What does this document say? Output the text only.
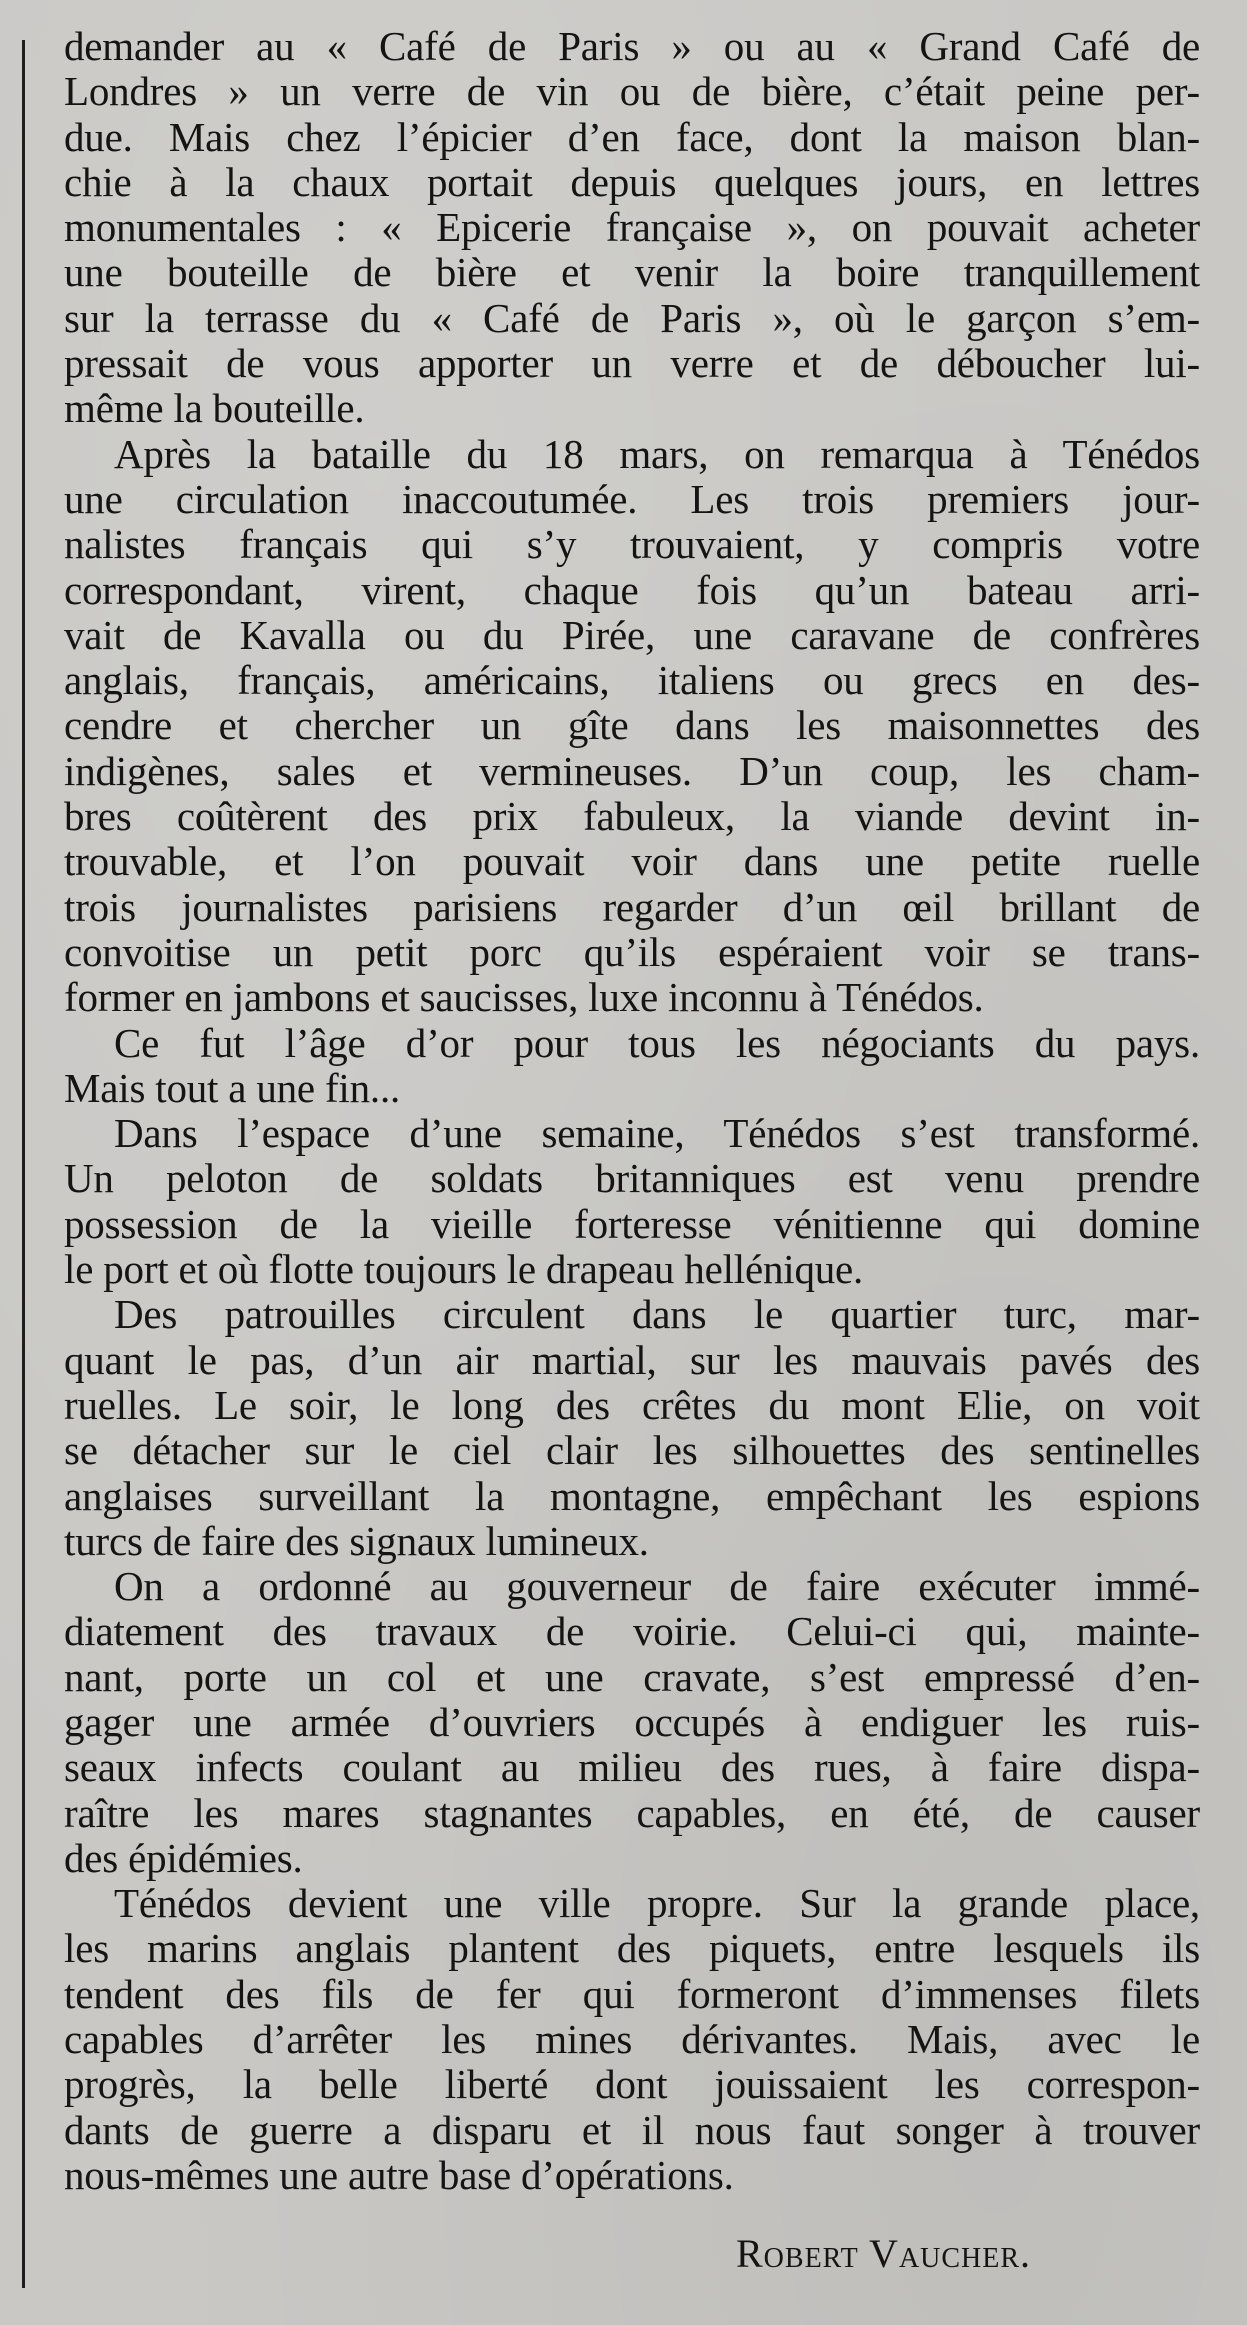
demander au « Café de Paris » ou au « Grand Café de
Londres » un verre de vin ou de bière, c’était peine per-
due. Mais chez l’épicier d’en face, dont la maison blan-
chie à la chaux portait depuis quelques jours, en lettres
monumentales : « Epicerie française », on pouvait acheter
une bouteille de bière et venir la boire tranquillement
sur la terrasse du « Café de Paris », où le garçon s’em-
pressait de vous apporter un verre et de déboucher lui-
même la bouteille.

Après la bataille du 18 mars, on remarqua à Ténédos
une circulation inaccoutumée. Les trois premiers jour-
nalistes français qui s’y trouvaient, y compris votre
correspondant, virent, chaque fois qu’un bateau arri-
vait de Kavalla ou du Pirée, une caravane de confrères
anglais, français, américains, italiens ou grecs en des-
cendre et chercher un gîte dans les maisonnettes des
indigènes, sales et vermineuses. D’un coup, les cham-
bres coûtèrent des prix fabuleux, la viande devint in-
trouvable, et l’on pouvait voir dans une petite ruelle
trois journalistes parisiens regarder d’un œil brillant de
convoitise un petit porc qu’ils espéraient voir se trans-
former en jambons et saucisses, luxe inconnu à Ténédos.

Ce fut l’âge d’or pour tous les négociants du pays.
Mais tout a une fin...

Dans l’espace d’une semaine, Ténédos s’est transformé.
Un peloton de soldats britanniques est venu prendre
possession de la vieille forteresse vénitienne qui domine
le port et où flotte toujours le drapeau hellénique.

Des patrouilles circulent dans le quartier turc, mar-
quant le pas, d’un air martial, sur les mauvais pavés des
ruelles. Le soir, le long des crêtes du mont Elie, on voit
se détacher sur le ciel clair les silhouettes des sentinelles
anglaises surveillant la montagne, empêchant les espions
turcs de faire des signaux lumineux.

On a ordonné au gouverneur de faire exécuter immé-
diatement des travaux de voirie. Celui-ci qui, mainte-
nant, porte un col et une cravate, s’est empressé d’en-
gager une armée d’ouvriers occupés à endiguer les ruis-
seaux infects coulant au milieu des rues, à faire dispa-
raître les mares stagnantes capables, en été, de causer
des épidémies.

Ténédos devient une ville propre. Sur la grande place,
les marins anglais plantent des piquets, entre lesquels ils
tendent des fils de fer qui formeront d’immenses filets
capables d’arrêter les mines dérivantes. Mais, avec le
progrès, la belle liberté dont jouissaient les correspon-
dants de guerre a disparu et il nous faut songer à trouver
nous-mêmes une autre base d’opérations.

Robert Vaucher.
